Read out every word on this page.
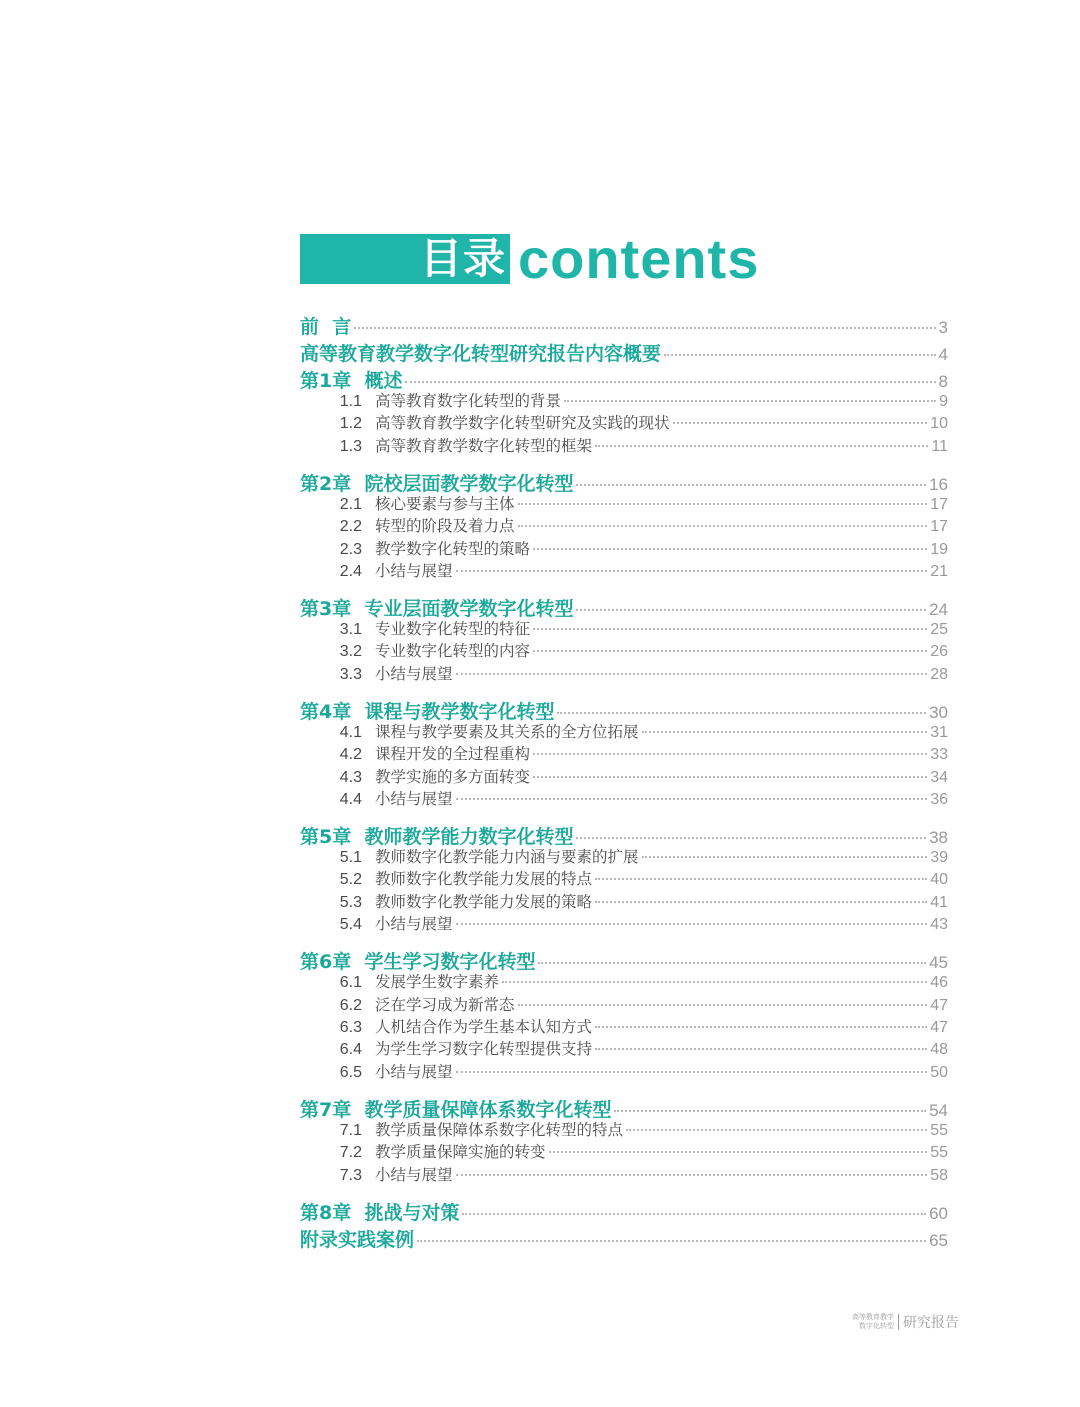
目录 contents
前  言	3
高等教育教学数字化转型研究报告内容概要	4
第1章  概述	8
1.1 高等教育数字化转型的背景	9
1.2 高等教育教学数字化转型研究及实践的现状	10
1.3 高等教育教学数字化转型的框架	11
第2章  院校层面教学数字化转型	16
2.1 核心要素与参与主体	17
2.2 转型的阶段及着力点	17
2.3 教学数字化转型的策略	19
2.4 小结与展望	21
第3章  专业层面教学数字化转型	24
3.1 专业数字化转型的特征	25
3.2 专业数字化转型的内容	26
3.3 小结与展望	28
第4章  课程与教学数字化转型	30
4.1 课程与教学要素及其关系的全方位拓展	31
4.2 课程开发的全过程重构	33
4.3 教学实施的多方面转变	34
4.4 小结与展望	36
第5章  教师教学能力数字化转型	38
5.1 教师数字化教学能力内涵与要素的扩展	39
5.2 教师数字化教学能力发展的特点	40
5.3 教师数字化教学能力发展的策略	41
5.4 小结与展望	43
第6章  学生学习数字化转型	45
6.1 发展学生数字素养	46
6.2 泛在学习成为新常态	47
6.3 人机结合作为学生基本认知方式	47
6.4 为学生学习数字化转型提供支持	48
6.5 小结与展望	50
第7章  教学质量保障体系数字化转型	54
7.1 教学质量保障体系数字化转型的特点	55
7.2 教学质量保障实施的转变	55
7.3 小结与展望	58
第8章  挑战与对策	60
附录实践案例	65
高等教育教学
数字化转型 研究报告
